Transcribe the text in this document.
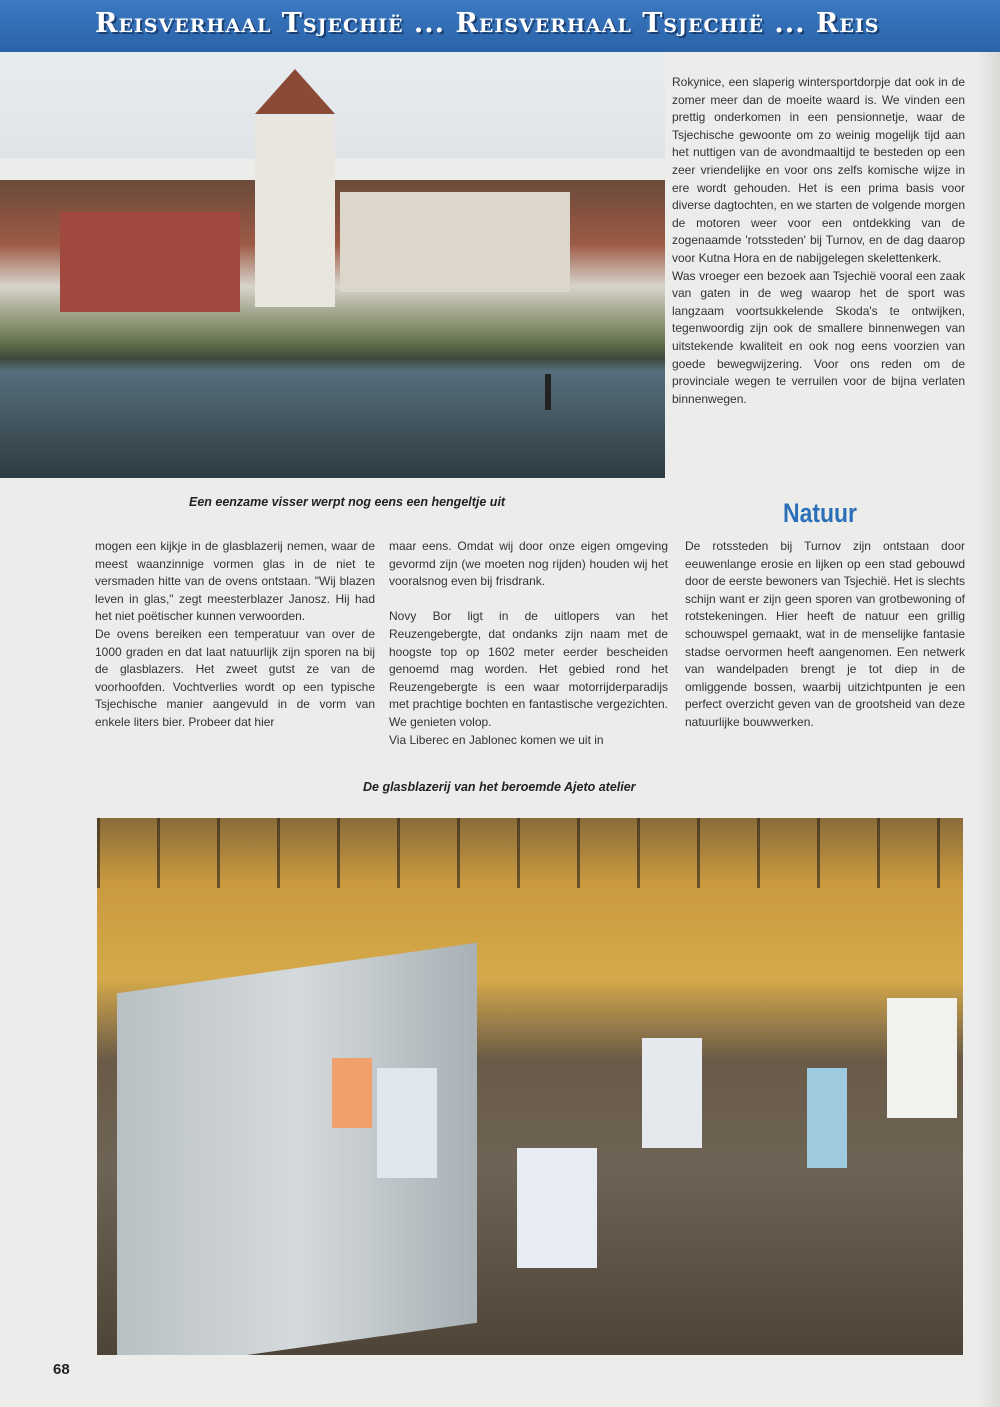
Reisverhaal Tsjechië ... Reisverhaal Tsjechië ... Reis

Rokynice, een slaperig wintersportdorpje dat ook in de zomer meer dan de moeite waard is. We vinden een prettig onderkomen in een pensionnetje, waar de Tsjechische gewoonte om zo weinig mogelijk tijd aan het nuttigen van de avondmaaltijd te besteden op een zeer vriendelijke en voor ons zelfs komische wijze in ere wordt gehouden. Het is een prima basis voor diverse dagtochten, en we starten de volgende morgen de motoren weer voor een ontdekking van de zogenaamde 'rotssteden' bij Turnov, en de dag daarop voor Kutna Hora en de nabijgelegen skelettenkerk.

Was vroeger een bezoek aan Tsjechië vooral een zaak van gaten in de weg waarop het de sport was langzaam voortsukkelende Skoda's te ontwijken, tegenwoordig zijn ook de smallere binnenwegen van uitstekende kwaliteit en ook nog eens voorzien van goede bewegwijzering. Voor ons reden om de provinciale wegen te verruilen voor de bijna verlaten binnenwegen.

Een eenzame visser werpt nog eens een hengeltje uit	Natuur

mogen een kijkje in de glasblazerij nemen, waar de meest waanzinnige vormen glas in de niet te versmaden hitte van de ovens ontstaan. "Wij blazen leven in glas," zegt meesterblazer Janosz. Hij had het niet poëtischer kunnen verwoorden.

De ovens bereiken een temperatuur van over de 1000 graden en dat laat natuurlijk zijn sporen na bij de glasblazers. Het zweet gutst ze van de voorhoofden. Vochtverlies wordt op een typische Tsjechische manier aangevuld in de vorm van enkele liters bier. Probeer dat hier

maar eens. Omdat wij door onze eigen omgeving gevormd zijn (we moeten nog rijden) houden wij het vooralsnog even bij frisdrank.

Novy Bor ligt in de uitlopers van het Reuzengebergte, dat ondanks zijn naam met de hoogste top op 1602 meter eerder bescheiden genoemd mag worden. Het gebied rond het Reuzengebergte is een waar motorrijderparadijs met prachtige bochten en fantastische vergezichten. We genieten volop.

Via Liberec en Jablonec komen we uit in

De rotssteden bij Turnov zijn ontstaan door eeuwenlange erosie en lijken op een stad gebouwd door de eerste bewoners van Tsjechië. Het is slechts schijn want er zijn geen sporen van grotbewoning of rotstekeningen. Hier heeft de natuur een grillig schouwspel gemaakt, wat in de menselijke fantasie stadse oervormen heeft aangenomen. Een netwerk van wandelpaden brengt je tot diep in de omliggende bossen, waarbij uitzichtpunten je een perfect overzicht geven van de grootsheid van deze natuurlijke bouwwerken.

De glasblazerij van het beroemde Ajeto atelier
68
